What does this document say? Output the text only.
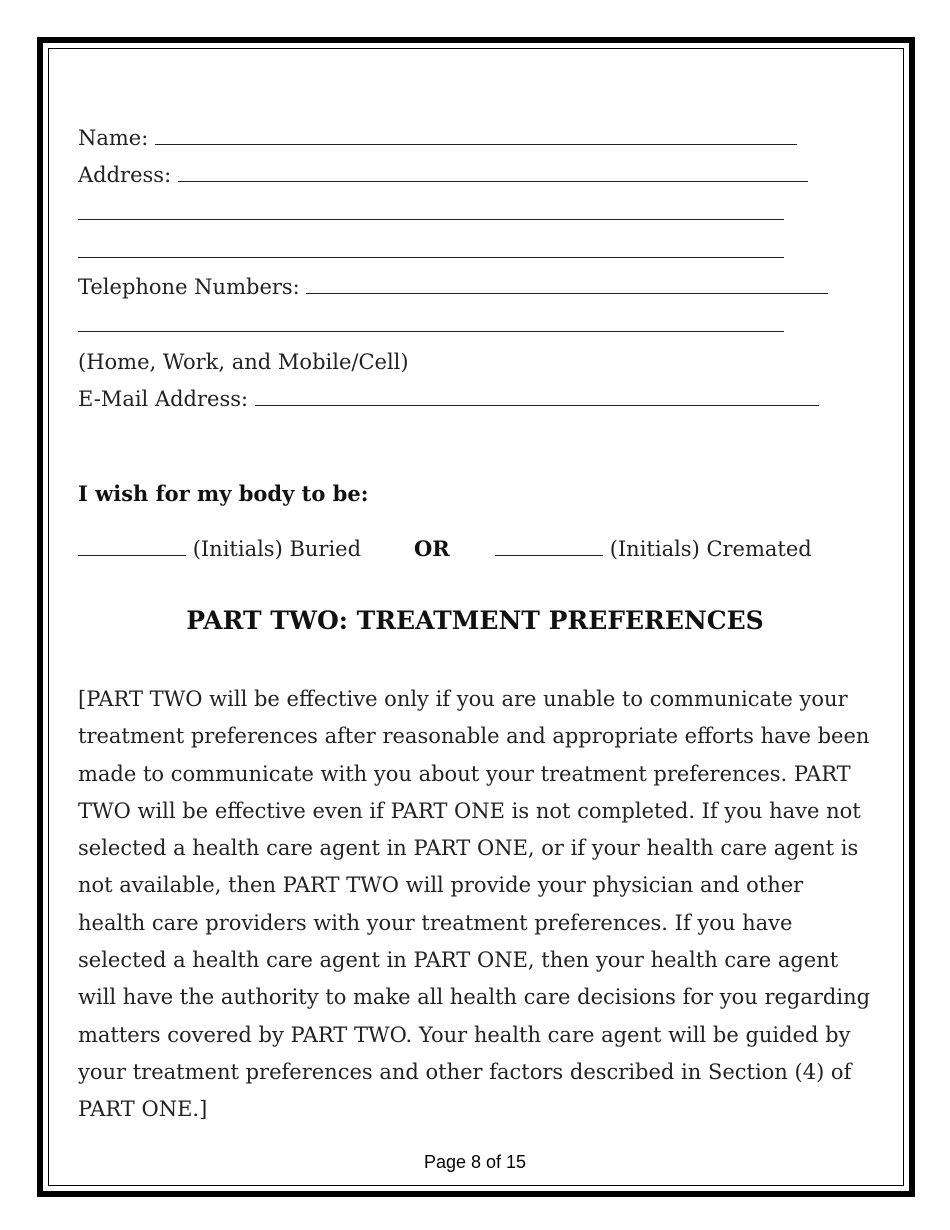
Name:
Address:
Telephone Numbers:
(Home, Work, and Mobile/Cell)
E-Mail Address:
I wish for my body to be:
(Initials) Buried	OR	(Initials) Cremated
PART TWO: TREATMENT PREFERENCES
[PART TWO will be effective only if you are unable to communicate your treatment preferences after reasonable and appropriate efforts have been made to communicate with you about your treatment preferences. PART TWO will be effective even if PART ONE is not completed. If you have not selected a health care agent in PART ONE, or if your health care agent is not available, then PART TWO will provide your physician and other health care providers with your treatment preferences. If you have selected a health care agent in PART ONE, then your health care agent will have the authority to make all health care decisions for you regarding matters covered by PART TWO. Your health care agent will be guided by your treatment preferences and other factors described in Section (4) of PART ONE.]
Page 8 of 15
